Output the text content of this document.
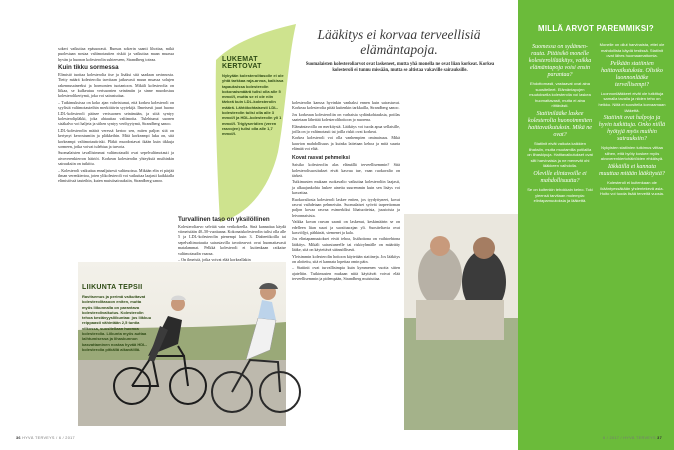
sokeri vaikuttaa epäsuorasti. Runsas sokerin saanti lihottaa, mikä puolestaan nostaa valtimotautien riskiä ja vaikuttaa maan muassa hyvän ja huonon kolesterolin suhteeseen, Strandberg toteaa.

Kuin tikku sormessa

Elimistö tuottaa kolesterolia itse ja lisäksi sitä saadaan ravinnosta. Tietty määrä kolesterolia tarvitaan jatkuvasti muun muassa solujen rakennusaineeksi ja hormonien tuotantoon. Mikäli kolesterolia on liikaa, se kulkeutuu verisuonten seinämiin ja sinne muodostuu kolesterolikertymä, joka voi sairastuttaa.

– Tutkimuksissa on koko ajan vahvistunut, että korkea kolesteroli on syylisiä valtimotauteihin merkittävin syytekijä. Ilmeisesti juuri huono LDL-kolesteroli pääsee verisuonen seinämään, ja siitä syntyy kolesterolipläkki, joka ahtauttaa valtimoita. Tulehtunut suonen sisäkalvo voi haljeta ja siihen syntyy verihyytymä, Strandberg sanoo.

LDL-kolesterolin määrä veressä kertoo sen, miten paljon sitä on kertynyt kerrostumiin ja pläkkeihin. Mitä korkeampi luku on, sitä korkeampi valtimotautiriski. Pläkit muodostavat ikään kuin tikkuja sormeen, jotka voivat tulehtua ja turvota.

Suomalaisten tavallisimmat valtimotaudit ovat sepelvaltimotauti ja aivoverenkierron häiriöt. Korkean kolesterolin yhteyksiä muihinkin sairauksiin on tutkittu.

– Kolesteroli vaikuttaa ennaljaisesti valtimoissa. Mikään elin ei pärjää ilman verenkiertoa, joten ylikolesteroli voi vaikuttaa laajasti kaikkialla elimistössä tauteihin, kuten muistisairauksiin, Strandberg sanoo.

LUKEMAT KERTOVAT
Nykyään kolesterolitasolle ei ole yhtä tarkkaa raja-arvoa, kaikissa tapauksissa kolesterolin kokonaismäärä tulisi olla alle 5 mmol/l, mutta se ei ole niin tärkeä kuin LDL-kolesterolin määrä. Lähtökohtaisesti LDL-kolesterolin tulisi olla alle 3 mmol/l ja HDL-kolesterolin yli 1 mmol/l. Triglyseridien (veren rasvojen) tulisi olla alle 1,7 mmol/l.
Turvallinen taso on yksilöllinen

Kolesteroliarvo selviää vain verikokeella. Sinä kannattaa käydä viimeistään 40–50-vuotiaana. Kokonaiskolesterolin tulisi olla alle 5 ja LDL-kolesterolin pienempi kuin 3. Diabeetikoilla tai sepelvaltimotautia sairastavilla tavoitearvot ovat huomattavasti matalammat. Pelkkä kolesteroli ei kuitenkaan ratkaise valtimotaudin vaaraa.

– On ilmeistä, jotka voivat elää korkeallakin

LIIKUNTA TEPSII
Ravitsemus ja perimä vaikuttavat kolesterolitasoon eniten, mutta myös liikunnalla on parantava kolesterolivaikutus. Kolesterolin tehoa kestävyysliikuntaa: jos liikkuu reippaasti vähintään 2,5 tuntia viikossa, suositellaan huonoa kolesterolia. Liikunta myös auttaa laihtumisessa ja lihaskunnon kasvattaminen nostaa hyvää HDL-kolesterolia pitkällä aikavälillä.
Lääkitys ei korvaa terveellisiä elämäntapoja.
Suomalaisten kolesteroliarvot ovat laskeneet, mutta yhä monella ne ovat liian korkeat. Korkea kolesteroli ei tunnu missään, mutta se altistaa vakaville sairauksille.

kolesterolin kanssa hyvinkin vanhaksi ennen kuin sairastuvat. Korkeaa kolesterolia pitää kuitenkin tarkkailla, Strandberg sanoo.

Jos korkeaan kolesteroliin on varhaisia sydänkohtauksia, potilas saatetaan lähettää kolesterolihoitoon jo nuorena.

Elämäntavoilla on merkitystä. Lääkitys voi tuoda apua sellaisille, joilla on jo valtimotauti tai joilla riskit ovat korkeat.

Korkea kolesteroli voi olla vanhempien ominaisuus. Mikä kaavion mahdollisuus ja kuinka laitetaan kehoa ja mitä suurta elämää voi elää.

Kovat rasvat pehmeiksi

Saisiko kolesterolin alas elämällä terveellisemmin? Sitä kolesterolisuositukset eivät kasvua tue, vaan ruokavalio on tärkeä.

Tutkimusten mukaan ruokavalio vaikuttaa kolesteroliin laajasti, ja alkuajankohta laskee ainetta suuremmin kuin sen lisäys voi kasvattaa.

Ruokavaliosta kolesteroli laskee eniten, jos tyydyttyneet, kovat rasvat vaihdetaan pehmeisiin. Suomalaiset syövät tarpeettoman paljon kovaa rasvaa esimerkiksi lihatuotteista, juustoista ja leivonnaisista.

Vaikka kovan rasvan saanti on laskenut, keskimäärin se on edelleen liian suuri ja suositusrajan yli. Suositeltavia ovat kasviöljyt, pähkinät, siemenet ja kala.

Jos elintapamuutokset eivät tehoa, lisähoitona on vaihtoehtona lääkitys. Mikäli sairastuneelle tai riskiryhmälle on määrätty lääke, sitä on käytettävä säännöllisesti.

Yleisimmin kolesterolin hoitoon käytetään statiineja. Jos lääkitys on aloitettu, sitä ei kannata lopettaa omin päin.

– Statiinit ovat turvallisimpia kuin kymmenen vuotta sitten ajateltiin. Tutkimusten mukaan niitä käyttävät voivat elää terveellisemmin ja pidempään, Strandberg muistuttaa.

MILLÄ ARVOT PAREMMIKSI?
Suomessa on sydämen-rauta. Pitäisikö monelle kolesterolilääkitys, vaikka elämäntapoja voisi ensin parantaa?

Ehdottomasti, vastaavat ovat aina suositelleet. Elämäntapojen muutoksella kolesterolia voi laskea huomattavasti, mutta ei aina riittävästi.

Statiinilääke laskee kolesterolia huonoimmiten haittavaikutuksin. Mikä ne ovat?

Statiinit eivät vaikuta kaikkien lihaksiin, mutta muutamilla potilailla on lihaskipuja. Haittavaikutukset ovat silti harvinaisia ja ne menevät ohi lääkkeen vaihdolla.

Oleville elintavoille ei mahdollisuutta?

Se on kuitenkin tehokkain keino. Toki yleensä tarvitaan molempia: elintapamuutoksia ja lääkettä.

Monelle on ollut harvinaista, ettei ole mahdollista käydä testissä. Statiinit ovat lähes huomaamattomia.

Pelkään statiinien haittavaikutuksia. Olisiko luonnonlääke tervellisempi?

Luonnonlääkkeet eivät ole tutkittuja samalla tavalla ja niiden teho on heikko. Niitä ei suositella korvaamaan lääkettä.

Statiinit ovat halpoja ja hyvin tutkittuja. Onko niillä hyötyjä myös muihin sairauksiin?

Nykyisten statiinien tutkimus viittaa siihen, että hyöty koskee myös aivoverenkiertohäiriöiden ehkäisyä.

Iäkkäillä ei kannata muuttaa mitään lääkitystä?

Kolesteroli ei kuitenkaan ole ikääntyessäkään yhdentekevä asia. Hoito voi tuoda lisää terveitä vuosia.

36 HYVÄ TERVEYS / 6 / 2017	6 / 2017 / HYVÄ TERVEYS 37
